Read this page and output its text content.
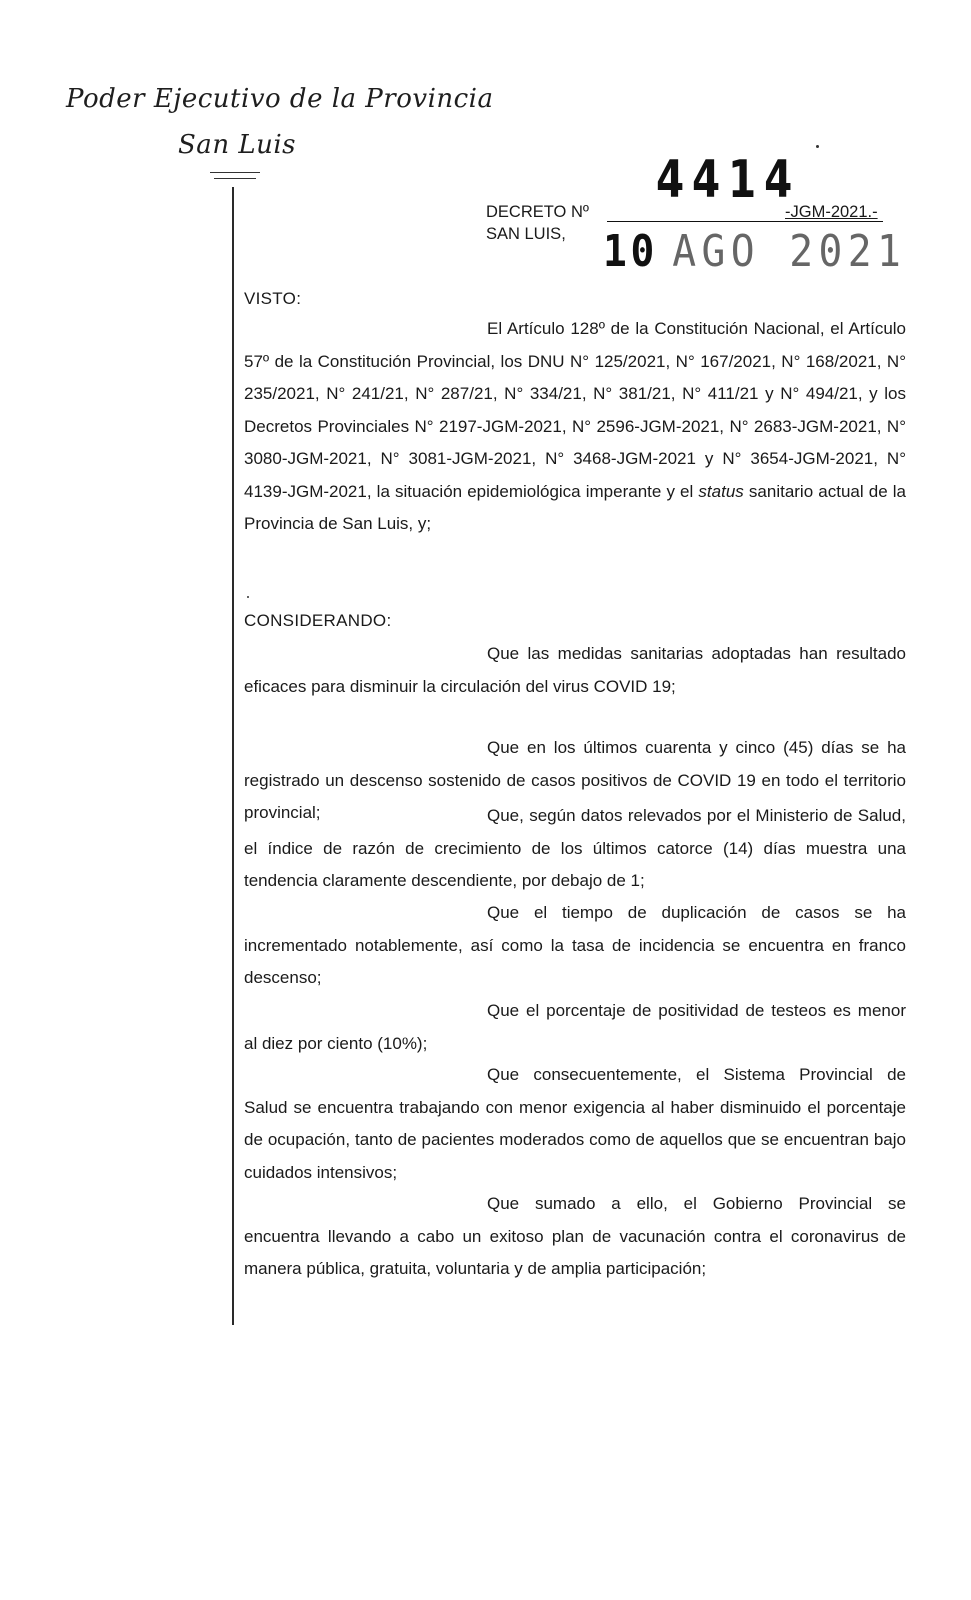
Poder Ejecutivo de la Provincia
San Luis
4414
DECRETO Nº	-JGM-2021.-
SAN LUIS, 10 AGO 2021
VISTO:

El Artículo 128º de la Constitución Nacional, el Artículo 57º de la Constitución Provincial, los DNU N° 125/2021, N° 167/2021, N° 168/2021, N° 235/2021, N° 241/21, N° 287/21, N° 334/21, N° 381/21, N° 411/21 y N° 494/21, y los Decretos Provinciales N° 2197-JGM-2021, N° 2596-JGM-2021, N° 2683-JGM-2021, N° 3080-JGM-2021, N° 3081-JGM-2021, N° 3468-JGM-2021 y N° 3654-JGM-2021, N° 4139-JGM-2021, la situación epidemiológica imperante y el status sanitario actual de la Provincia de San Luis, y;

CONSIDERANDO:

Que las medidas sanitarias adoptadas han resultado eficaces para disminuir la circulación del virus COVID 19;

Que en los últimos cuarenta y cinco (45) días se ha registrado un descenso sostenido de casos positivos de COVID 19 en todo el territorio provincial;	Que, según datos relevados por el Ministerio de Salud, el índice de razón de crecimiento de los últimos catorce (14) días muestra una tendencia claramente descendiente, por debajo de 1;

Que el tiempo de duplicación de casos se ha incrementado notablemente, así como la tasa de incidencia se encuentra en franco descenso;

Que el porcentaje de positividad de testeos es menor al diez por ciento (10%);

Que consecuentemente, el Sistema Provincial de Salud se encuentra trabajando con menor exigencia al haber disminuido el porcentaje de ocupación, tanto de pacientes moderados como de aquellos que se encuentran bajo cuidados intensivos;

Que sumado a ello, el Gobierno Provincial se encuentra llevando a cabo un exitoso plan de vacunación contra el coronavirus de manera pública, gratuita, voluntaria y de amplia participación;
